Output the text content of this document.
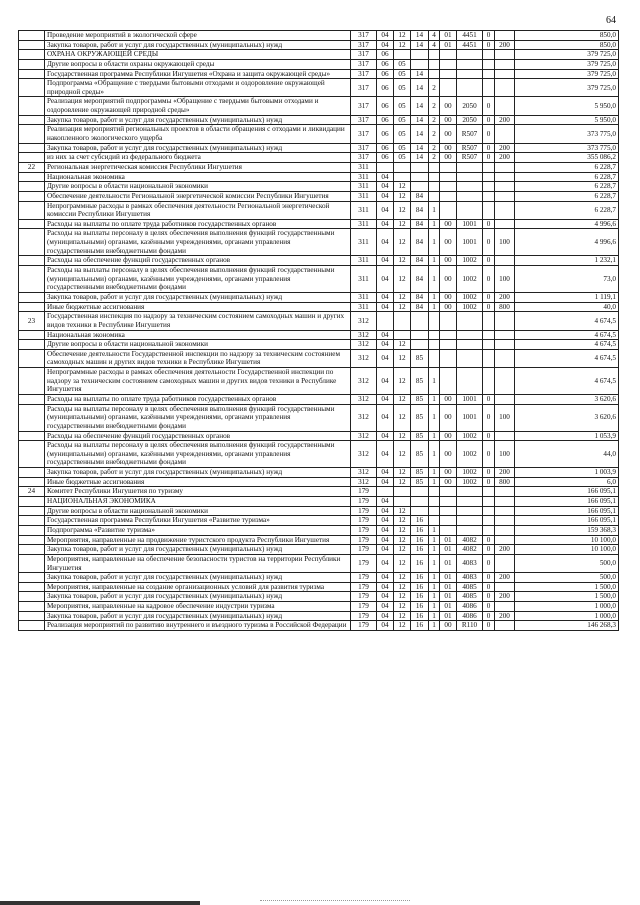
64
	Проведение мероприятий в экологической сфере	317	04	12	14	4	01	4451	0		850,0
	Закупка товаров, работ и услуг для государственных (муниципальных) нужд	317	04	12	14	4	01	4451	0	200	850,0
	ОХРАНА ОКРУЖАЮЩЕЙ СРЕДЫ	317	06								379 725,0
	Другие вопросы в области охраны окружающей среды	317	06	05							379 725,0
	Государственная программа Республики Ингушетия «Охрана и защита окружающей среды»	317	06	05	14						379 725,0
	Подпрограмма «Обращение с твердыми бытовыми отходами и оздоровление окружающей природной среды»	317	06	05	14	2					379 725,0
	Реализация мероприятий подпрограммы «Обращение с твердыми бытовыми отходами и оздоровление окружающей природной среды»	317	06	05	14	2	00	2050	0		5 950,0
	Закупка товаров, работ и услуг для государственных (муниципальных) нужд	317	06	05	14	2	00	2050	0	200	5 950,0
	Реализация мероприятий региональных проектов в области обращения с отходами и ликвидации накопленного экологического ущерба	317	06	05	14	2	00	R507	0		373 775,0
	Закупка товаров, работ и услуг для государственных (муниципальных) нужд	317	06	05	14	2	00	R507	0	200	373 775,0
	из них за счет субсидий из федерального бюджета	317	06	05	14	2	00	R507	0	200	355 086,2
22	Региональная энергетическая комиссия Республики Ингушетия	311									6 228,7
	Национальная экономика	311	04								6 228,7
	Другие вопросы в области национальной экономики	311	04	12							6 228,7
	Обеспечение деятельности Региональной энергетической комиссии Республики Ингушетия	311	04	12	84						6 228,7
	Непрограммные расходы в рамках обеспечения деятельности Региональной энергетической комиссии Республики Ингушетия	311	04	12	84	1					6 228,7
	Расходы на выплаты по оплате труда работников государственных органов	311	04	12	84	1	00	1001	0		4 996,6
	Расходы на выплаты персоналу в целях обеспечения выполнения функций государственными (муниципальными) органами, казёнными учреждениями, органами управления государственными внебюджетными фондами	311	04	12	84	1	00	1001	0	100	4 996,6
	Расходы на обеспечение функций государственных органов	311	04	12	84	1	00	1002	0		1 232,1
	Расходы на выплаты персоналу в целях обеспечения выполнения функций государственными (муниципальными) органами, казёнными учреждениями, органами управления государственными внебюджетными фондами	311	04	12	84	1	00	1002	0	100	73,0
	Закупка товаров, работ и услуг для государственных (муниципальных) нужд	311	04	12	84	1	00	1002	0	200	1 119,1
	Иные бюджетные ассигнования	311	04	12	84	1	00	1002	0	800	40,0
23	Государственная инспекция по надзору за техническим состоянием самоходных машин и других видов техники в Республике Ингушетия	312									4 674,5
	Национальная экономика	312	04								4 674,5
	Другие вопросы в области национальной экономики	312	04	12							4 674,5
	Обеспечение деятельности Государственной инспекции по надзору за техническим состоянием самоходных машин и других видов техники в Республике Ингушетия	312	04	12	85						4 674,5
	Непрограммные расходы в рамках обеспечения деятельности Государственной инспекции по надзору за техническим состоянием самоходных машин и других видов техники в Республике Ингушетия	312	04	12	85	1					4 674,5
	Расходы на выплаты по оплате труда работников государственных органов	312	04	12	85	1	00	1001	0		3 620,6
	Расходы на выплаты персоналу в целях обеспечения выполнения функций государственными (муниципальными) органами, казёнными учреждениями, органами управления государственными внебюджетными фондами	312	04	12	85	1	00	1001	0	100	3 620,6
	Расходы на обеспечение функций государственных органов	312	04	12	85	1	00	1002	0		1 053,9
	Расходы на выплаты персоналу в целях обеспечения выполнения функций государственными (муниципальными) органами, казёнными учреждениями, органами управления государственными внебюджетными фондами	312	04	12	85	1	00	1002	0	100	44,0
	Закупка товаров, работ и услуг для государственных (муниципальных) нужд	312	04	12	85	1	00	1002	0	200	1 003,9
	Иные бюджетные ассигнования	312	04	12	85	1	00	1002	0	800	6,0
24	Комитет Республики Ингушетия по туризму	179									166 095,1
	НАЦИОНАЛЬНАЯ ЭКОНОМИКА	179	04								166 095,1
	Другие вопросы в области национальной экономики	179	04	12							166 095,1
	Государственная программа Республики Ингушетия «Развитие туризма»	179	04	12	16						166 095,1
	Подпрограмма «Развитие туризма»	179	04	12	16	1					159 368,3
	Мероприятия, направленные на продвижение туристского продукта Республики Ингушетия	179	04	12	16	1	01	4082	0		10 100,0
	Закупка товаров, работ и услуг для государственных (муниципальных) нужд	179	04	12	16	1	01	4082	0	200	10 100,0
	Мероприятия, направленные на обеспечение безопасности туристов на территории Республики Ингушетия	179	04	12	16	1	01	4083	0		500,0
	Закупка товаров, работ и услуг для государственных (муниципальных) нужд	179	04	12	16	1	01	4083	0	200	500,0
	Мероприятия, направленные на создание организационных условий для развития туризма	179	04	12	16	1	01	4085	0		1 500,0
	Закупка товаров, работ и услуг для государственных (муниципальных) нужд	179	04	12	16	1	01	4085	0	200	1 500,0
	Мероприятия, направленные на кадровое обеспечение индустрии туризма	179	04	12	16	1	01	4086	0		1 000,0
	Закупка товаров, работ и услуг для государственных (муниципальных) нужд	179	04	12	16	1	01	4086	0	200	1 000,0
	Реализация мероприятий по развитию внутреннего и въездного туризма в Российской Федерации	179	04	12	16	1	00	R110	0		146 268,3
